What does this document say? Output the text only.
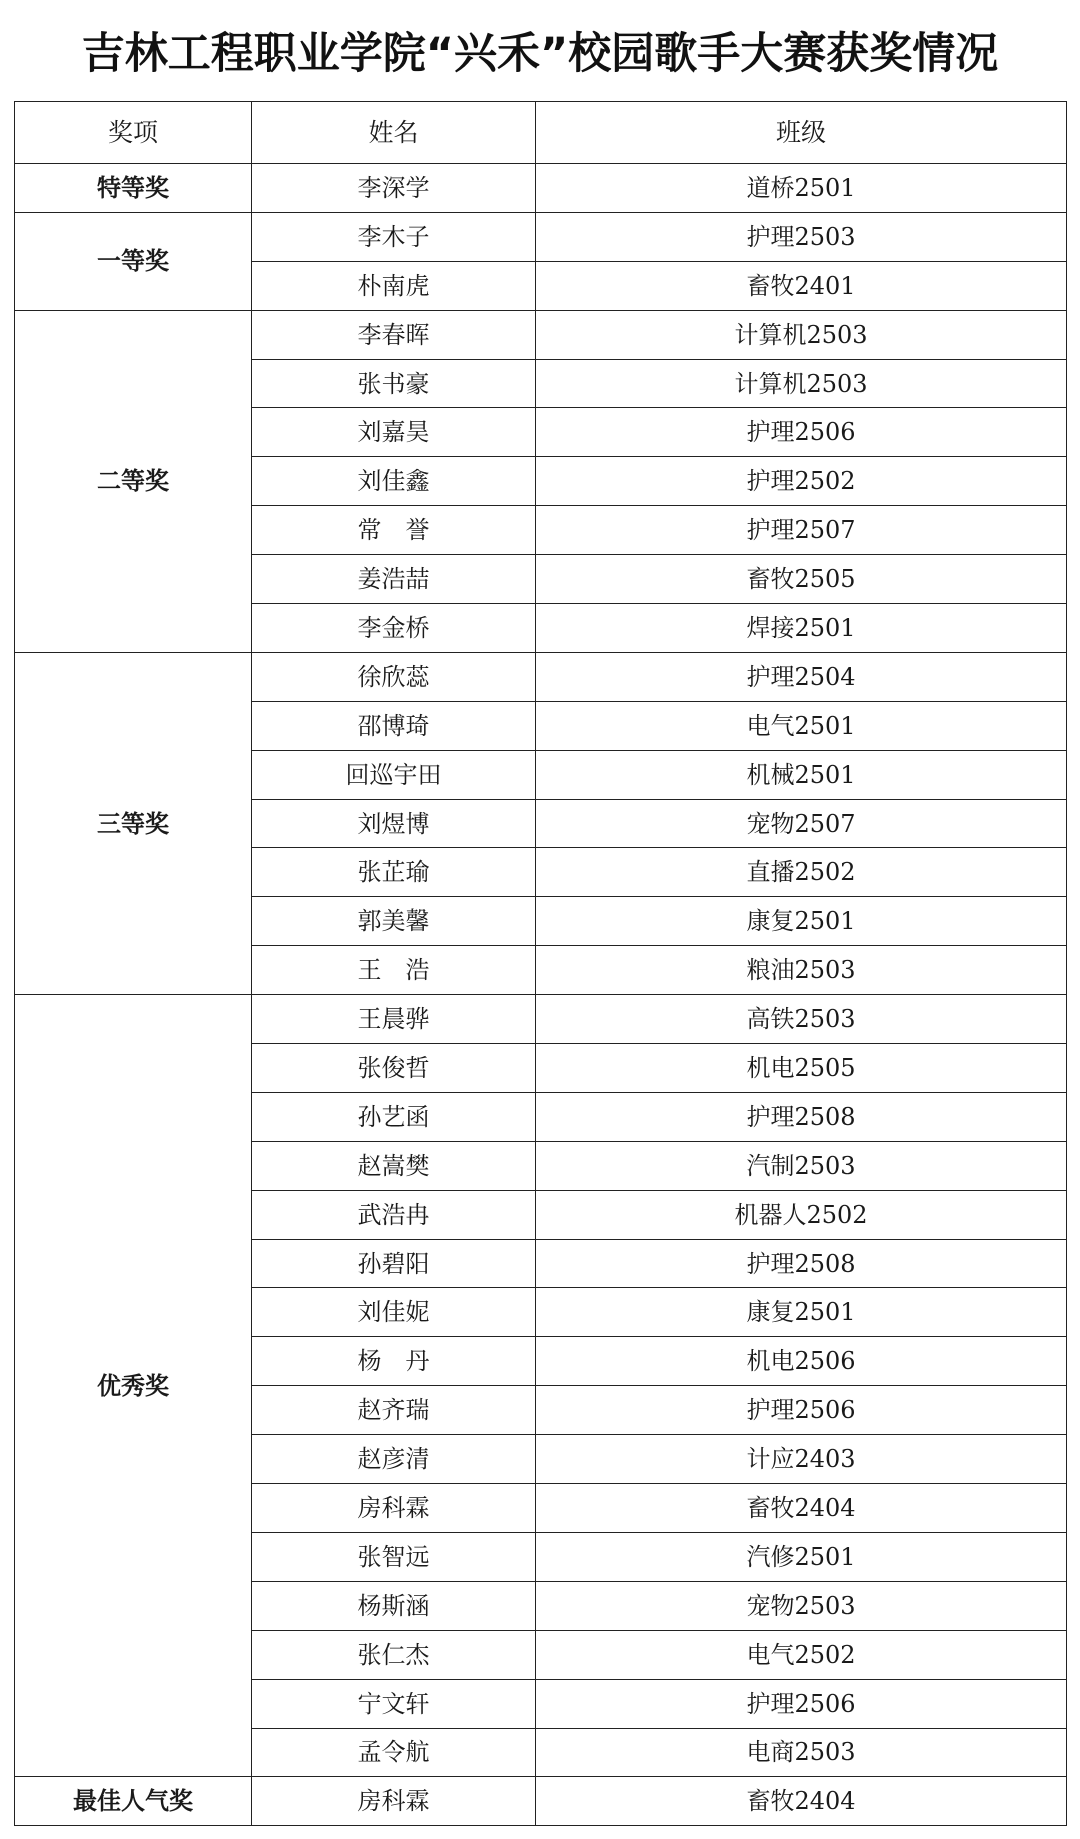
吉林工程职业学院“兴禾”校园歌手大赛获奖情况
奖项	姓名	班级
特等奖	李深学	道桥2501
一等奖	李木子	护理2503
	朴南虎	畜牧2401
二等奖	李春晖	计算机2503
	张书豪	计算机2503
	刘嘉昊	护理2506
	刘佳鑫	护理2502
	常　誉	护理2507
	姜浩喆	畜牧2505
	李金桥	焊接2501
三等奖	徐欣蕊	护理2504
	邵博琦	电气2501
	回巡宇田	机械2501
	刘煜博	宠物2507
	张芷瑜	直播2502
	郭美馨	康复2501
	王　浩	粮油2503
优秀奖	王晨骅	高铁2503
	张俊哲	机电2505
	孙艺函	护理2508
	赵嵩樊	汽制2503
	武浩冉	机器人2502
	孙碧阳	护理2508
	刘佳妮	康复2501
	杨　丹	机电2506
	赵齐瑞	护理2506
	赵彦清	计应2403
	房科霖	畜牧2404
	张智远	汽修2501
	杨斯涵	宠物2503
	张仁杰	电气2502
	宁文轩	护理2506
	孟令航	电商2503
最佳人气奖	房科霖	畜牧2404
